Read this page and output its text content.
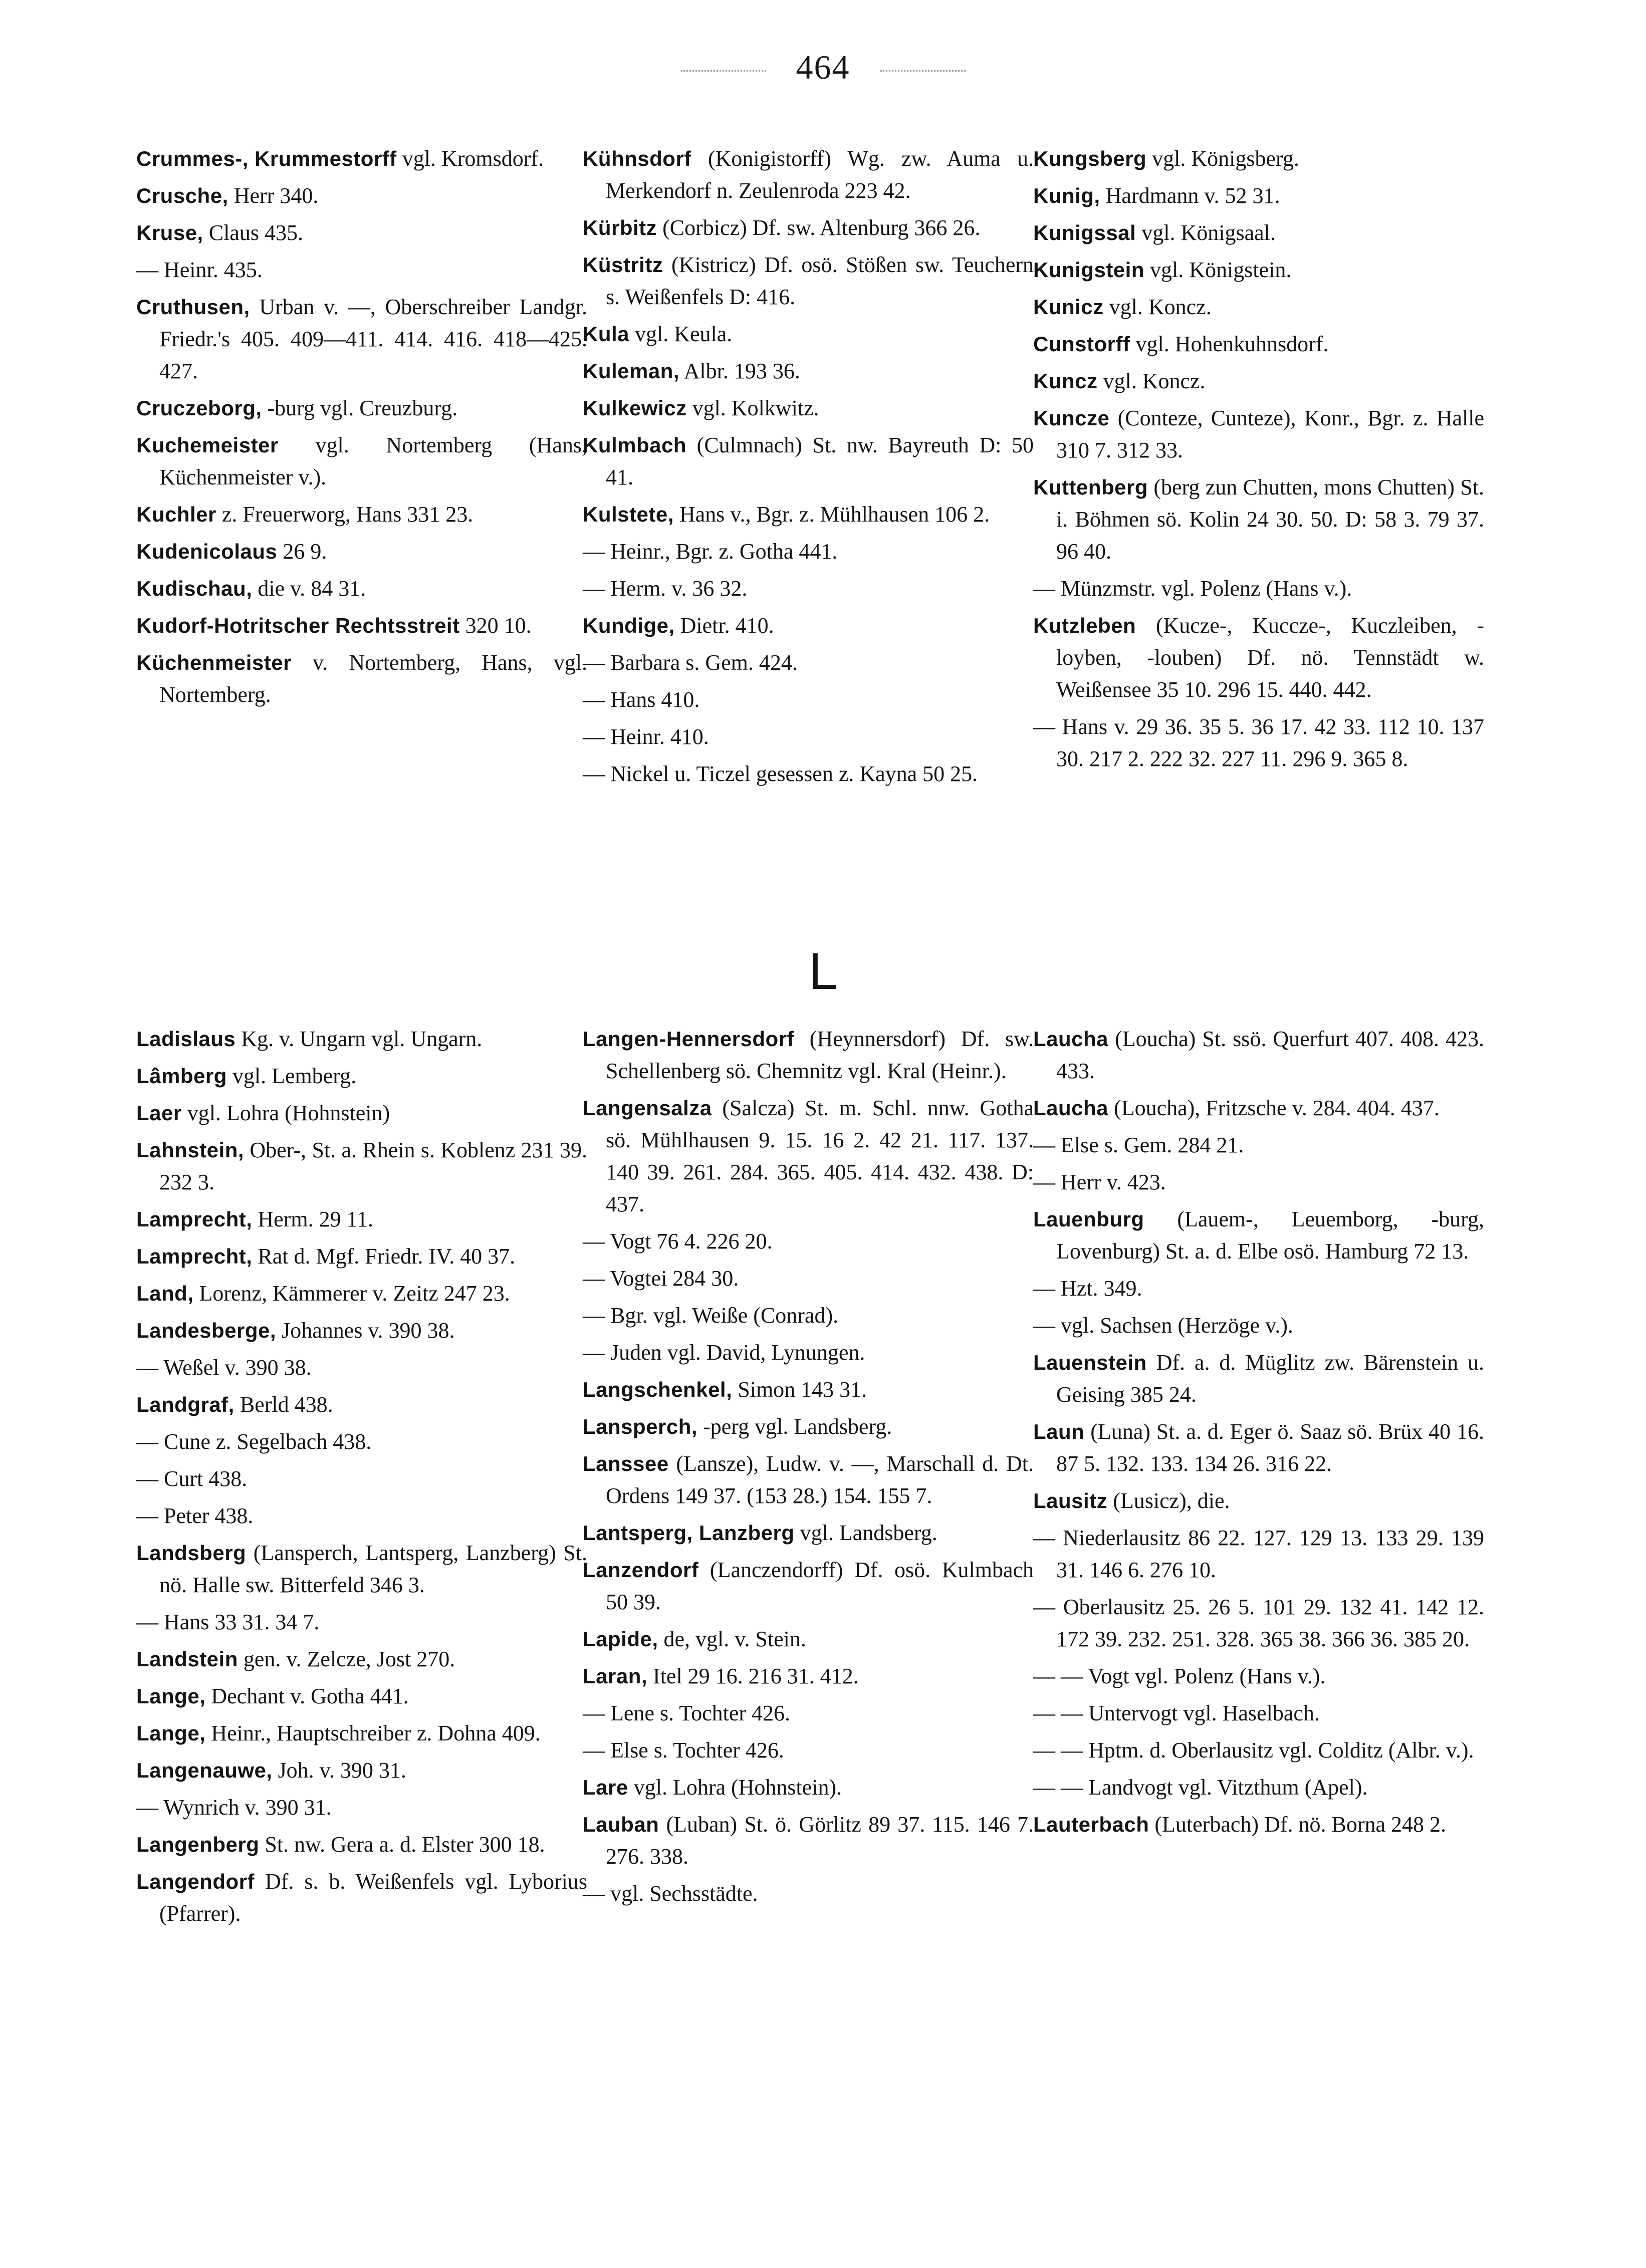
464

Crummes-, Krummestorff vgl. Kromsdorf.

Crusche, Herr 340.

Kruse, Claus 435.

— Heinr. 435.

Cruthusen, Urban v. —, Oberschreiber Landgr. Friedr.'s 405. 409—411. 414. 416. 418—425. 427.

Cruczeborg, -burg vgl. Creuzburg.

Kuchemeister vgl. Nortemberg (Hans, Küchenmeister v.).

Kuchler z. Freuerworg, Hans 331 23.

Kudenicolaus 26 9.

Kudischau, die v. 84 31.

Kudorf-Hotritscher Rechtsstreit 320 10.

Küchenmeister v. Nortemberg, Hans, vgl. Nortemberg.

Kühnsdorf (Konigistorff) Wg. zw. Auma u. Merkendorf n. Zeulenroda 223 42.

Kürbitz (Corbicz) Df. sw. Altenburg 366 26.

Küstritz (Kistricz) Df. osö. Stößen sw. Teuchern s. Weißenfels D: 416.

Kula vgl. Keula.

Kuleman, Albr. 193 36.

Kulkewicz vgl. Kolkwitz.

Kulmbach (Culmnach) St. nw. Bayreuth D: 50 41.

Kulstete, Hans v., Bgr. z. Mühlhausen 106 2.

— Heinr., Bgr. z. Gotha 441.

— Herm. v. 36 32.

Kundige, Dietr. 410.

— Barbara s. Gem. 424.

— Hans 410.

— Heinr. 410.

— Nickel u. Ticzel gesessen z. Kayna 50 25.

Kungsberg vgl. Königsberg.

Kunig, Hardmann v. 52 31.

Kunigssal vgl. Königsaal.

Kunigstein vgl. Königstein.

Kunicz vgl. Koncz.

Cunstorff vgl. Hohenkuhnsdorf.

Kuncz vgl. Koncz.

Kuncze (Conteze, Cunteze), Konr., Bgr. z. Halle 310 7. 312 33.

Kuttenberg (berg zun Chutten, mons Chutten) St. i. Böhmen sö. Kolin 24 30. 50. D: 58 3. 79 37. 96 40.

— Münzmstr. vgl. Polenz (Hans v.).

Kutzleben (Kucze-, Kuccze-, Kuczleiben, -loyben, -louben) Df. nö. Tennstädt w. Weißensee 35 10. 296 15. 440. 442.

— Hans v. 29 36. 35 5. 36 17. 42 33. 112 10. 137 30. 217 2. 222 32. 227 11. 296 9. 365 8.

L

Ladislaus Kg. v. Ungarn vgl. Ungarn.

Lâmberg vgl. Lemberg.

Laer vgl. Lohra (Hohnstein)

Lahnstein, Ober-, St. a. Rhein s. Koblenz 231 39. 232 3.

Lamprecht, Herm. 29 11.

Lamprecht, Rat d. Mgf. Friedr. IV. 40 37.

Land, Lorenz, Kämmerer v. Zeitz 247 23.

Landesberge, Johannes v. 390 38.

— Weßel v. 390 38.

Landgraf, Berld 438.

— Cune z. Segelbach 438.

— Curt 438.

— Peter 438.

Landsberg (Lansperch, Lantsperg, Lanzberg) St. nö. Halle sw. Bitterfeld 346 3.

— Hans 33 31. 34 7.

Landstein gen. v. Zelcze, Jost 270.

Lange, Dechant v. Gotha 441.

Lange, Heinr., Hauptschreiber z. Dohna 409.

Langenauwe, Joh. v. 390 31.

— Wynrich v. 390 31.

Langenberg St. nw. Gera a. d. Elster 300 18.

Langendorf Df. s. b. Weißenfels vgl. Lyborius (Pfarrer).

Langen-Hennersdorf (Heynnersdorf) Df. sw. Schellenberg sö. Chemnitz vgl. Kral (Heinr.).

Langensalza (Salcza) St. m. Schl. nnw. Gotha sö. Mühlhausen 9. 15. 16 2. 42 21. 117. 137. 140 39. 261. 284. 365. 405. 414. 432. 438. D: 437.

— Vogt 76 4. 226 20.

— Vogtei 284 30.

— Bgr. vgl. Weiße (Conrad).

— Juden vgl. David, Lynungen.

Langschenkel, Simon 143 31.

Lansperch, -perg vgl. Landsberg.

Lanssee (Lansze), Ludw. v. —, Marschall d. Dt. Ordens 149 37. (153 28.) 154. 155 7.

Lantsperg, Lanzberg vgl. Landsberg.

Lanzendorf (Lanczendorff) Df. osö. Kulmbach 50 39.

Lapide, de, vgl. v. Stein.

Laran, Itel 29 16. 216 31. 412.

— Lene s. Tochter 426.

— Else s. Tochter 426.

Lare vgl. Lohra (Hohnstein).

Lauban (Luban) St. ö. Görlitz 89 37. 115. 146 7. 276. 338.

— vgl. Sechsstädte.

Laucha (Loucha) St. ssö. Querfurt 407. 408. 423. 433.

Laucha (Loucha), Fritzsche v. 284. 404. 437.

— Else s. Gem. 284 21.

— Herr v. 423.

Lauenburg (Lauem-, Leuemborg, -burg, Lovenburg) St. a. d. Elbe osö. Hamburg 72 13.

— Hzt. 349.

— vgl. Sachsen (Herzöge v.).

Lauenstein Df. a. d. Müglitz zw. Bärenstein u. Geising 385 24.

Laun (Luna) St. a. d. Eger ö. Saaz sö. Brüx 40 16. 87 5. 132. 133. 134 26. 316 22.

Lausitz (Lusicz), die.

— Niederlausitz 86 22. 127. 129 13. 133 29. 139 31. 146 6. 276 10.

— Oberlausitz 25. 26 5. 101 29. 132 41. 142 12. 172 39. 232. 251. 328. 365 38. 366 36. 385 20.

— — Vogt vgl. Polenz (Hans v.).

— — Untervogt vgl. Haselbach.

— — Hptm. d. Oberlausitz vgl. Colditz (Albr. v.).

— — Landvogt vgl. Vitzthum (Apel).

Lauterbach (Luterbach) Df. nö. Borna 248 2.
